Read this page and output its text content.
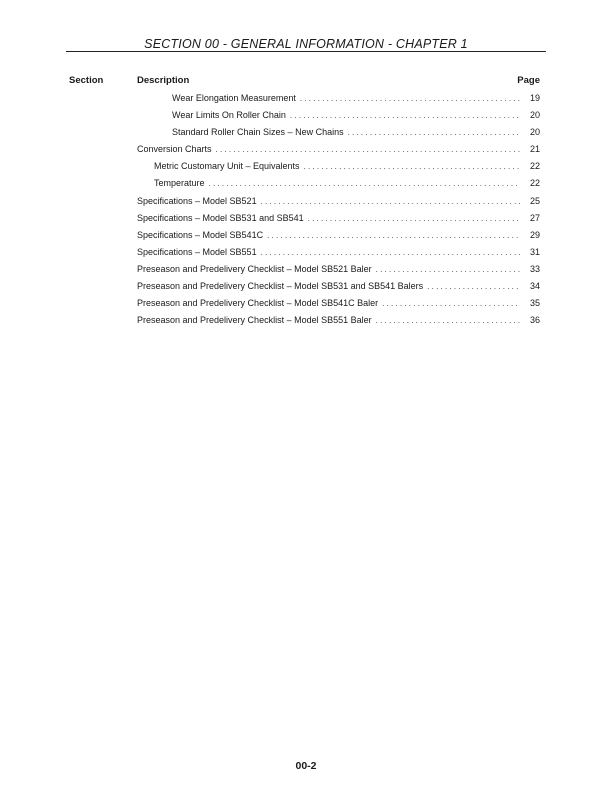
SECTION 00 - GENERAL INFORMATION - CHAPTER 1
Section	Description	Page
Wear Elongation Measurement . . .	19
Wear Limits On Roller Chain . . .	20
Standard Roller Chain Sizes – New Chains . . .	20
Conversion Charts . . .	21
Metric Customary Unit – Equivalents . . .	22
Temperature . . .	22
Specifications – Model SB521 . . .	25
Specifications – Model SB531 and SB541 . . .	27
Specifications – Model SB541C . . .	29
Specifications – Model SB551 . . .	31
Preseason and Predelivery Checklist – Model SB521 Baler . . .	33
Preseason and Predelivery Checklist – Model SB531 and SB541 Balers . . .	34
Preseason and Predelivery Checklist – Model SB541C Baler . . .	35
Preseason and Predelivery Checklist – Model SB551 Baler . . .	36
00-2
